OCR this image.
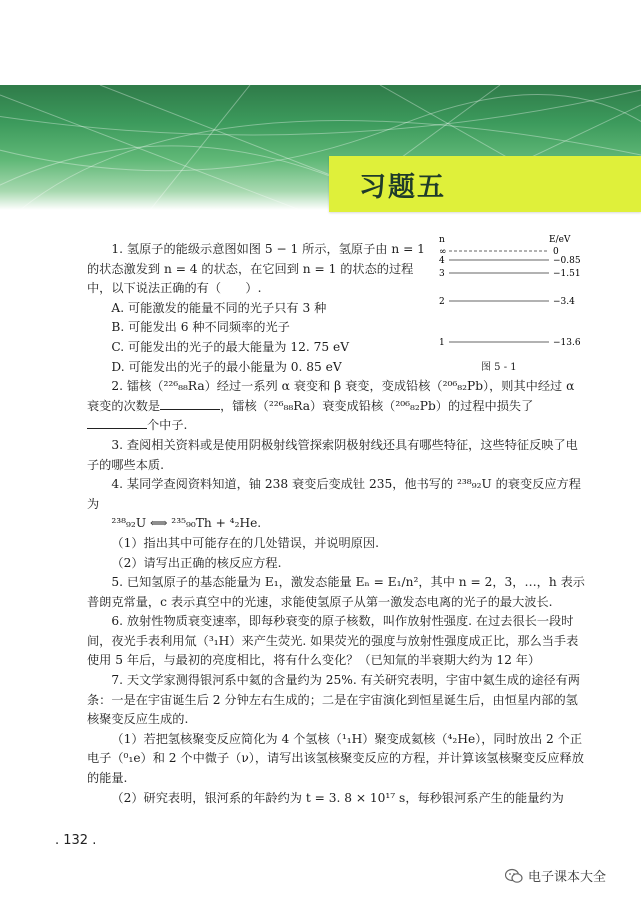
习题五
n	E/eV
∞	0
4	−0.85
3	−1.51
2	−3.4
1	−13.6
图 5 - 1

1. 氢原子的能级示意图如图 5 − 1 所示，氢原子由 n = 1 的状态激发到 n = 4 的状态，在它回到 n = 1 的状态的过程中，以下说法正确的有（　　）.

A. 可能激发的能量不同的光子只有 3 种

B. 可能发出 6 种不同频率的光子

C. 可能发出的光子的最大能量为 12. 75 eV

D. 可能发出的光子的最小能量为 0. 85 eV

2. 镭核（²²⁶₈₈Ra）经过一系列 α 衰变和 β 衰变，变成铅核（²⁰⁶₈₂Pb），则其中经过 α 衰变的次数是	，镭核（²²⁶₈₈Ra）衰变成铅核（²⁰⁶₈₂Pb）的过程中损失了个中子.

3. 查阅相关资料或是使用阴极射线管探索阴极射线还具有哪些特征，这些特征反映了电子的哪些本质.

4. 某同学查阅资料知道，铀 238 衰变后变成钍 235，他书写的 ²³⁸₉₂U 的衰变反应方程为

²³⁸₉₂U ⟺ ²³⁵₉₀Th + ⁴₂He.

（1）指出其中可能存在的几处错误，并说明原因.

（2）请写出正确的核反应方程.

5. 已知氢原子的基态能量为 E₁，激发态能量 Eₙ = E₁/n²，其中 n = 2，3，…，h 表示普朗克常量，c 表示真空中的光速，求能使氢原子从第一激发态电离的光子的最大波长.

6. 放射性物质衰变速率，即每秒衰变的原子核数，叫作放射性强度. 在过去很长一段时间，夜光手表利用氚（³₁H）来产生荧光. 如果荧光的强度与放射性强度成正比，那么当手表使用 5 年后，与最初的亮度相比，将有什么变化？（已知氚的半衰期大约为 12 年）

7. 天文学家测得银河系中氦的含量约为 25%. 有关研究表明，宇宙中氦生成的途径有两条：一是在宇宙诞生后 2 分钟左右生成的；二是在宇宙演化到恒星诞生后，由恒星内部的氢核聚变反应生成的.

（1）若把氢核聚变反应简化为 4 个氢核（¹₁H）聚变成氦核（⁴₂He），同时放出 2 个正电子（⁰₁e）和 2 个中微子（ν），请写出该氢核聚变反应的方程，并计算该氢核聚变反应释放的能量.

（2）研究表明，银河系的年龄约为 t = 3. 8 × 10¹⁷ s，每秒银河系产生的能量约为

. 132 .
电子课本大全
